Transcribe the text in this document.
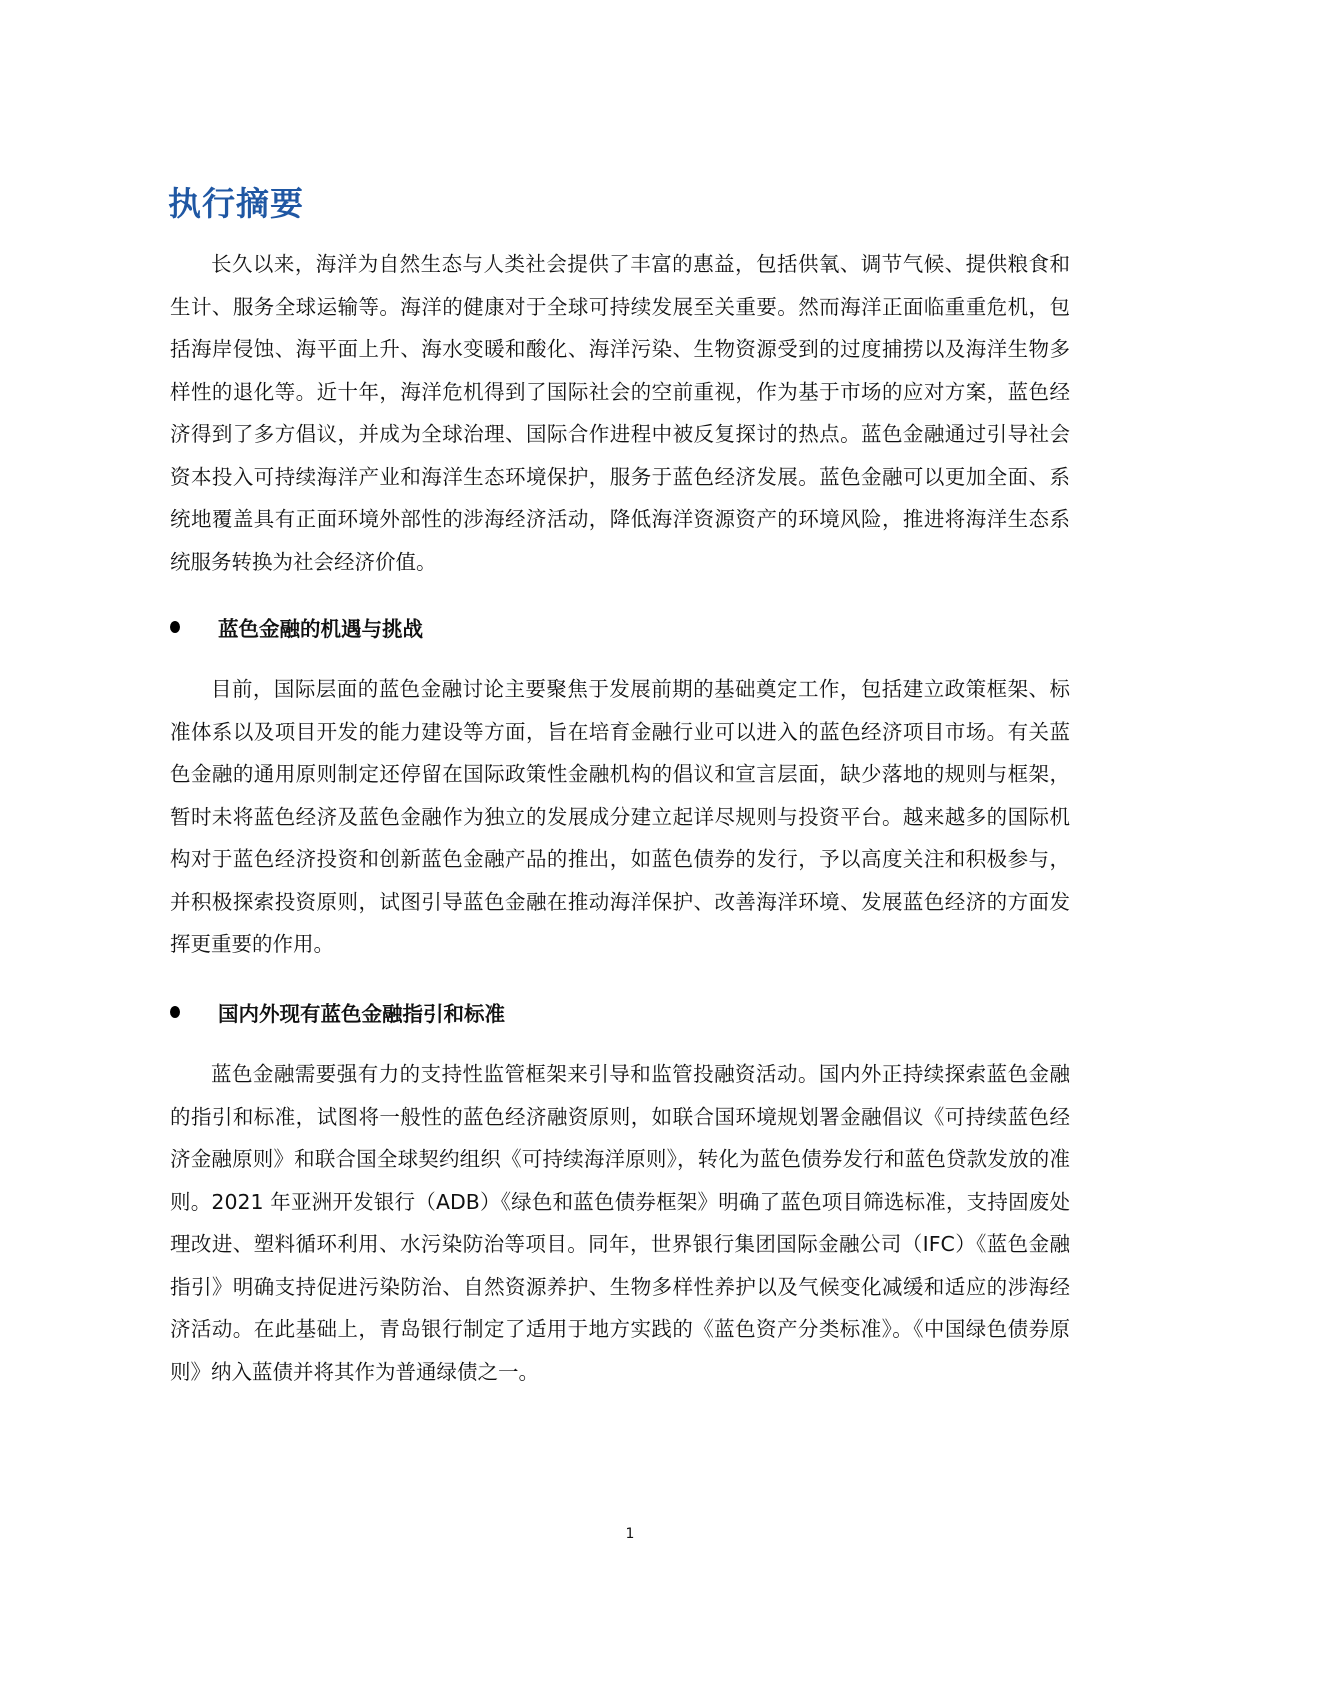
执行摘要

长久以来，海洋为自然生态与人类社会提供了丰富的惠益，包括供氧、调节气候、提供粮食和生计、服务全球运输等。海洋的健康对于全球可持续发展至关重要。然而海洋正面临重重危机，包括海岸侵蚀、海平面上升、海水变暖和酸化、海洋污染、生物资源受到的过度捕捞以及海洋生物多样性的退化等。近十年，海洋危机得到了国际社会的空前重视，作为基于市场的应对方案，蓝色经济得到了多方倡议，并成为全球治理、国际合作进程中被反复探讨的热点。蓝色金融通过引导社会资本投入可持续海洋产业和海洋生态环境保护，服务于蓝色经济发展。蓝色金融可以更加全面、系统地覆盖具有正面环境外部性的涉海经济活动，降低海洋资源资产的环境风险，推进将海洋生态系统服务转换为社会经济价值。

蓝色金融的机遇与挑战

目前，国际层面的蓝色金融讨论主要聚焦于发展前期的基础奠定工作，包括建立政策框架、标准体系以及项目开发的能力建设等方面，旨在培育金融行业可以进入的蓝色经济项目市场。有关蓝色金融的通用原则制定还停留在国际政策性金融机构的倡议和宣言层面，缺少落地的规则与框架，暂时未将蓝色经济及蓝色金融作为独立的发展成分建立起详尽规则与投资平台。越来越多的国际机构对于蓝色经济投资和创新蓝色金融产品的推出，如蓝色债券的发行，予以高度关注和积极参与，并积极探索投资原则，试图引导蓝色金融在推动海洋保护、改善海洋环境、发展蓝色经济的方面发挥更重要的作用。

国内外现有蓝色金融指引和标准

蓝色金融需要强有力的支持性监管框架来引导和监管投融资活动。国内外正持续探索蓝色金融的指引和标准，试图将一般性的蓝色经济融资原则，如联合国环境规划署金融倡议《可持续蓝色经济金融原则》和联合国全球契约组织《可持续海洋原则》，转化为蓝色债券发行和蓝色贷款发放的准则。2021 年亚洲开发银行（ADB）《绿色和蓝色债券框架》明确了蓝色项目筛选标准，支持固废处理改进、塑料循环利用、水污染防治等项目。同年，世界银行集团国际金融公司（IFC）《蓝色金融指引》明确支持促进污染防治、自然资源养护、生物多样性养护以及气候变化减缓和适应的涉海经济活动。在此基础上，青岛银行制定了适用于地方实践的《蓝色资产分类标准》。《中国绿色债券原则》纳入蓝债并将其作为普通绿债之一。

1
